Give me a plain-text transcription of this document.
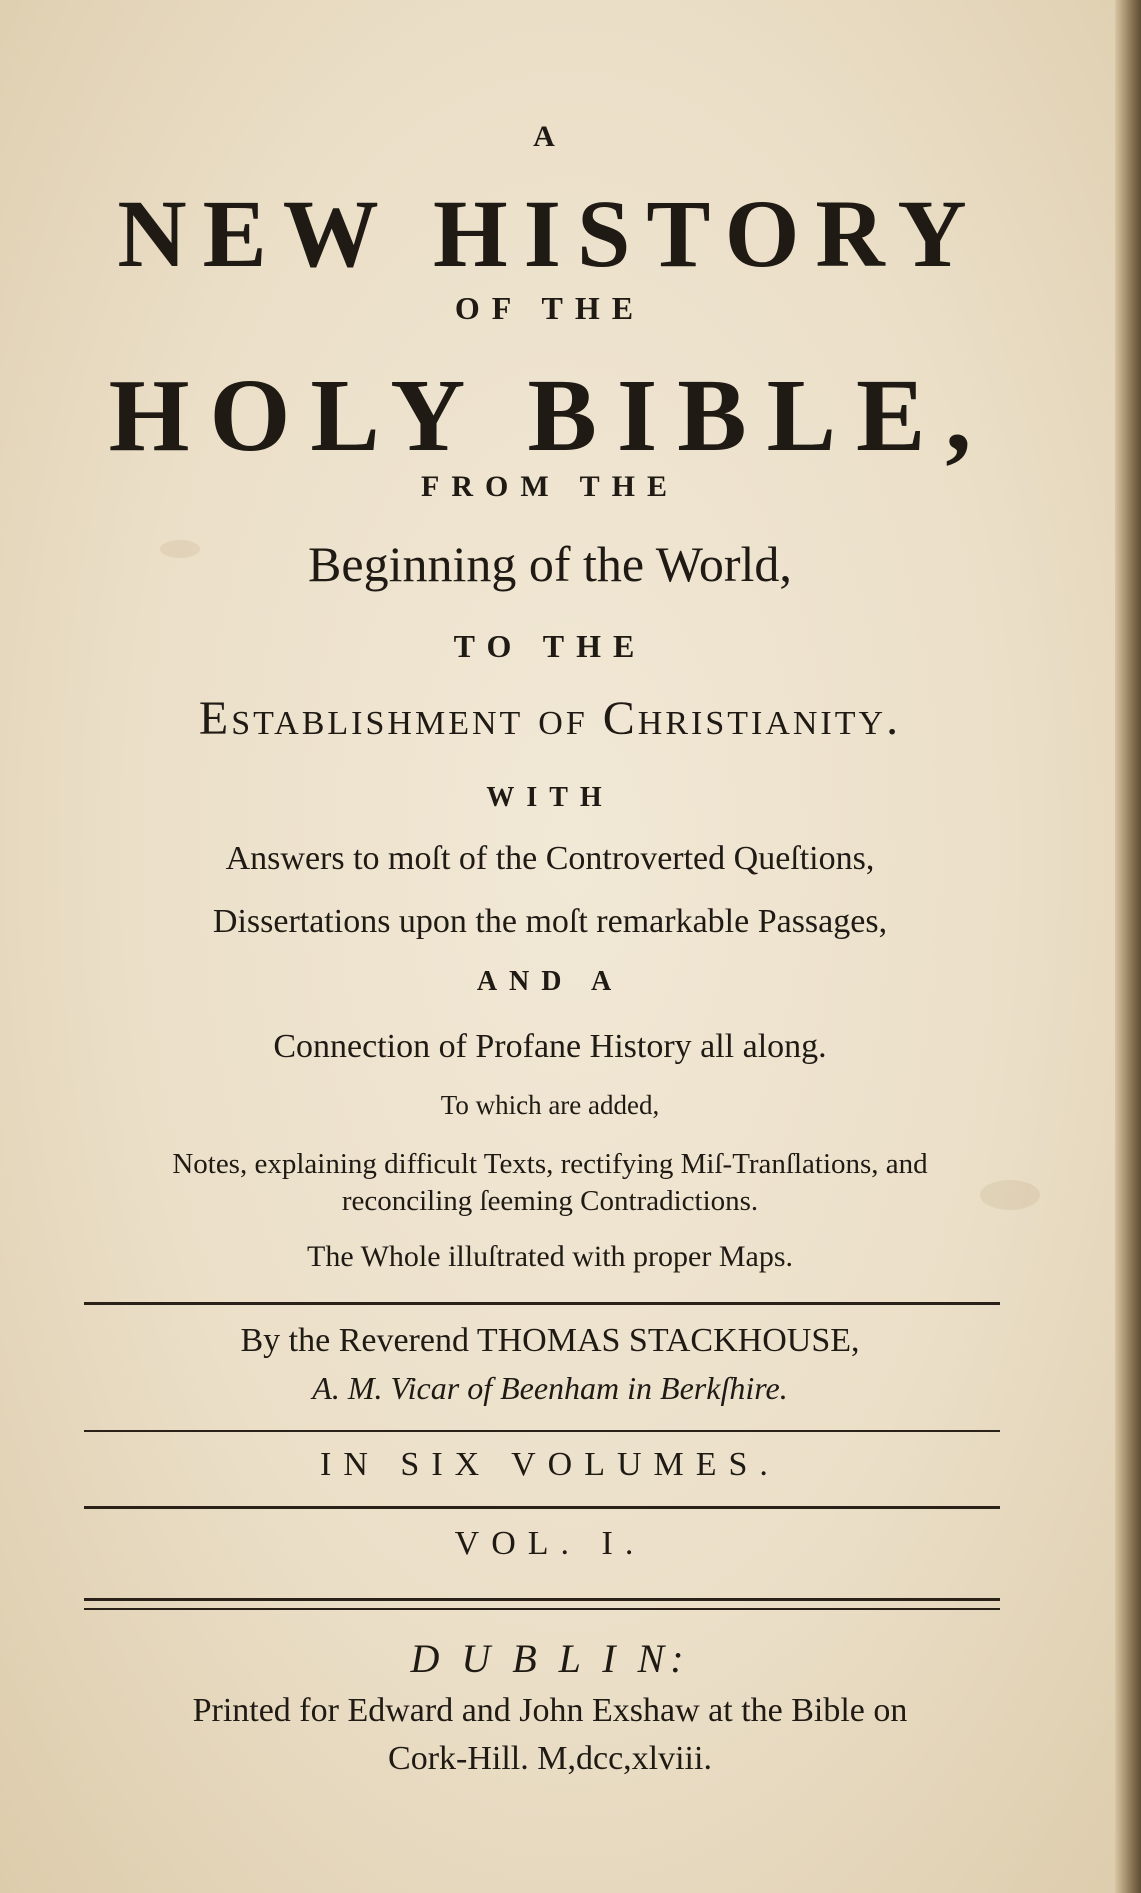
A
NEW HISTORY
OF THE
HOLY BIBLE,
FROM THE
Beginning of the World,
TO THE
Establishment of Christianity.
WITH
Answers to moſt of the Controverted Queſtions,
Dissertations upon the moſt remarkable Passages,
AND A
Connection of Profane History all along.
To which are added,
Notes, explaining difficult Texts, rectifying Miſ-Tranſlations, and
reconciling ſeeming Contradictions.
The Whole illuſtrated with proper Maps.
By the Reverend THOMAS STACKHOUSE,
A. M. Vicar of Beenham in Berkſhire.
IN SIX VOLUMES.
VOL. I.
D U B L I N:
Printed for Edward and John Exshaw at the Bible on
Cork-Hill. M,dcc,xlviii.
